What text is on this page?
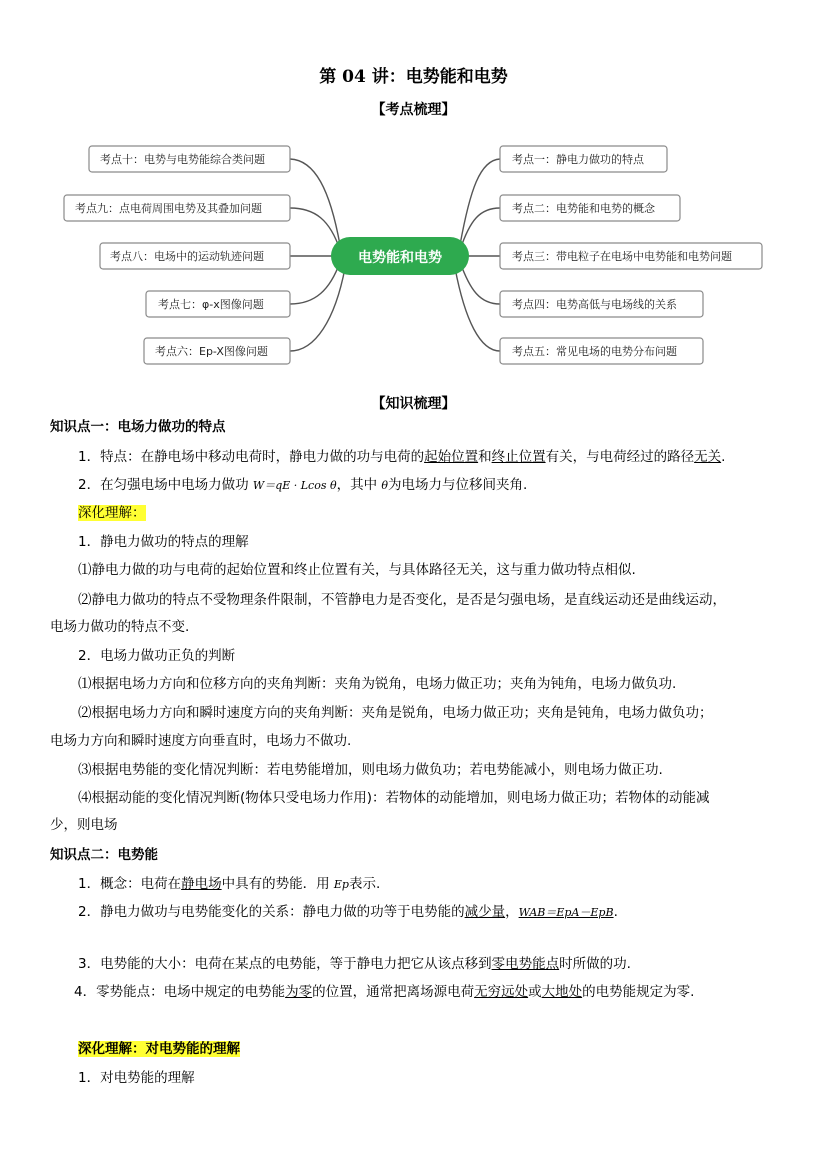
第 04 讲：电势能和电势
【考点梳理】
电势能和电势
考点十：电势与电势能综合类问题
考点九：点电荷周围电势及其叠加问题
考点八：电场中的运动轨迹问题
考点七：φ-x图像问题
考点六：Ep-X图像问题
考点一：静电力做功的特点
考点二：电势能和电势的概念
考点三：带电粒子在电场中电势能和电势问题
考点四：电势高低与电场线的关系
考点五：常见电场的电势分布问题
【知识梳理】
知识点一：电场力做功的特点
1．特点：在静电场中移动电荷时，静电力做的功与电荷的起始位置和终止位置有关，与电荷经过的路径无关.
2．在匀强电场中电场力做功 W＝qE · Lcos θ，其中 θ为电场力与位移间夹角.
深化理解：
1．静电力做功的特点的理解
⑴静电力做的功与电荷的起始位置和终止位置有关，与具体路径无关，这与重力做功特点相似.
⑵静电力做功的特点不受物理条件限制，不管静电力是否变化，是否是匀强电场，是直线运动还是曲线运动，
电场力做功的特点不变.
2．电场力做功正负的判断
⑴根据电场力方向和位移方向的夹角判断：夹角为锐角，电场力做正功；夹角为钝角，电场力做负功.
⑵根据电场力方向和瞬时速度方向的夹角判断：夹角是锐角，电场力做正功；夹角是钝角，电场力做负功；
电场力方向和瞬时速度方向垂直时，电场力不做功.
⑶根据电势能的变化情况判断：若电势能增加，则电场力做负功；若电势能减小，则电场力做正功.
⑷根据动能的变化情况判断(物体只受电场力作用)：若物体的动能增加，则电场力做正功；若物体的动能减
少，则电场
知识点二：电势能
1．概念：电荷在静电场中具有的势能．用 Ep表示.
2．静电力做功与电势能变化的关系：静电力做的功等于电势能的减少量，WAB＝EpA－EpB.
3．电势能的大小：电荷在某点的电势能，等于静电力把它从该点移到零电势能点时所做的功.
4．零势能点：电场中规定的电势能为零的位置，通常把离场源电荷无穷远处或大地处的电势能规定为零.
深化理解：对电势能的理解
1．对电势能的理解
